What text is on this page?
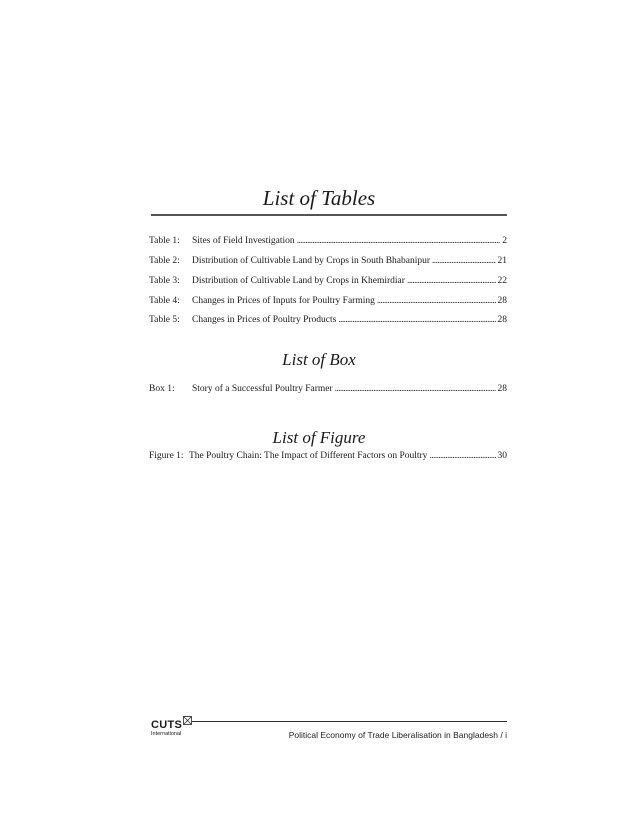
List of Tables
Table 1:	Sites of Field Investigation . . .	2
Table 2:	Distribution of Cultivable Land by Crops in South Bhabanipur . . .	21
Table 3:	Distribution of Cultivable Land by Crops in Khemirdiar . . .	22
Table 4:	Changes in Prices of Inputs for Poultry Farming . . .	28
Table 5:	Changes in Prices of Poultry Products . . .	28
List of Box
Box 1:	Story of a Successful Poultry Farmer . . .	28
List of Figure
Figure 1: The Poultry Chain: The Impact of Different Factors on Poultry . . .	30
CUTS
International	Political Economy of Trade Liberalisation in Bangladesh / i
